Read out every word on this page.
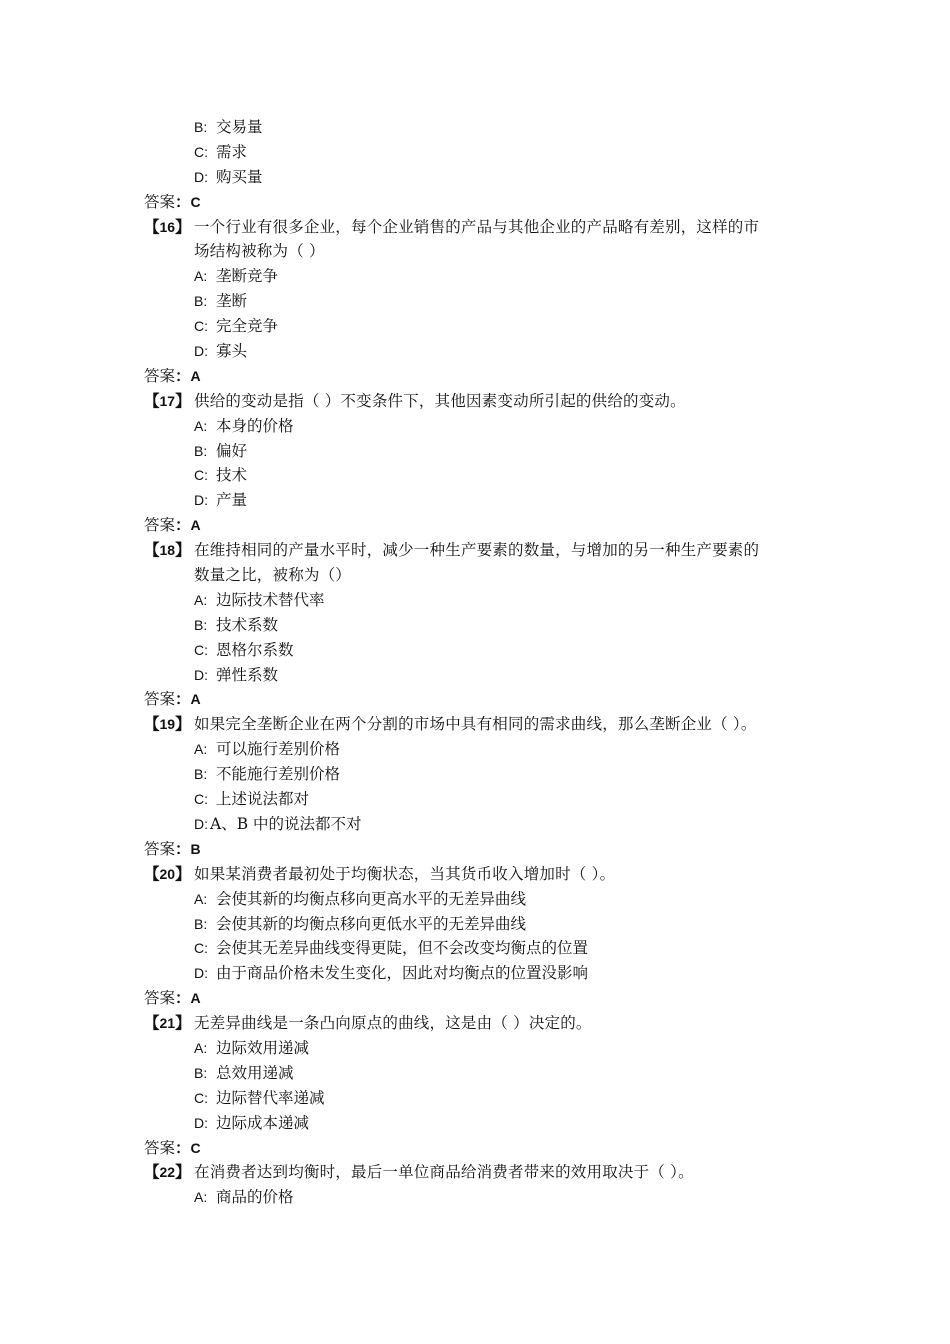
B: 交易量
C: 需求
D: 购买量
答案：C
【16】 一个行业有很多企业，每个企业销售的产品与其他企业的产品略有差别，这样的市
场结构被称为（ ）
A: 垄断竞争
B: 垄断
C: 完全竞争
D: 寡头
答案：A
【17】 供给的变动是指（ ）不变条件下，其他因素变动所引起的供给的变动。
A: 本身的价格
B: 偏好
C: 技术
D: 产量
答案：A
【18】 在维持相同的产量水平时，减少一种生产要素的数量，与增加的另一种生产要素的
数量之比，被称为（）
A: 边际技术替代率
B: 技术系数
C: 恩格尔系数
D: 弹性系数
答案：A
【19】 如果完全垄断企业在两个分割的市场中具有相同的需求曲线，那么垄断企业（ ）。
A: 可以施行差别价格
B: 不能施行差别价格
C: 上述说法都对
D: A、B 中的说法都不对
答案：B
【20】 如果某消费者最初处于均衡状态，当其货币收入增加时（ ）。
A: 会使其新的均衡点移向更高水平的无差异曲线
B: 会使其新的均衡点移向更低水平的无差异曲线
C: 会使其无差异曲线变得更陡，但不会改变均衡点的位置
D: 由于商品价格未发生变化，因此对均衡点的位置没影响
答案：A
【21】 无差异曲线是一条凸向原点的曲线，这是由（ ）决定的。
A: 边际效用递减
B: 总效用递减
C: 边际替代率递减
D: 边际成本递减
答案：C
【22】 在消费者达到均衡时，最后一单位商品给消费者带来的效用取决于（ ）。
A: 商品的价格
